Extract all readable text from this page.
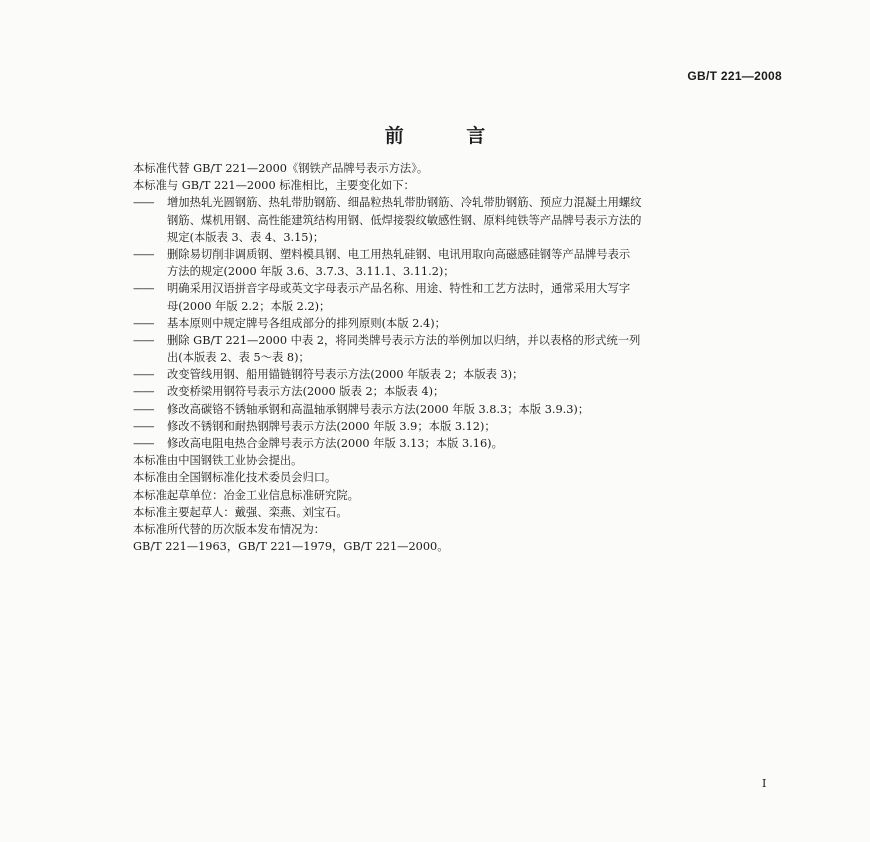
GB/T 221—2008
前 言
本标准代替 GB/T 221—2000《钢铁产品牌号表示方法》。
本标准与 GB/T 221—2000 标准相比，主要变化如下：
—— 增加热轧光圆钢筋、热轧带肋钢筋、细晶粒热轧带肋钢筋、冷轧带肋钢筋、预应力混凝土用螺纹
钢筋、煤机用钢、高性能建筑结构用钢、低焊接裂纹敏感性钢、原料纯铁等产品牌号表示方法的
规定(本版表 3、表 4、3.15)；
—— 删除易切削非调质钢、塑料模具钢、电工用热轧硅钢、电讯用取向高磁感硅钢等产品牌号表示
方法的规定(2000 年版 3.6、3.7.3、3.11.1、3.11.2)；
—— 明确采用汉语拼音字母或英文字母表示产品名称、用途、特性和工艺方法时，通常采用大写字
母(2000 年版 2.2；本版 2.2)；
—— 基本原则中规定牌号各组成部分的排列原则(本版 2.4)；
—— 删除 GB/T 221—2000 中表 2，将同类牌号表示方法的举例加以归纳，并以表格的形式统一列
出(本版表 2、表 5～表 8)；
—— 改变管线用钢、船用锚链钢符号表示方法(2000 年版表 2；本版表 3)；
—— 改变桥梁用钢符号表示方法(2000 版表 2；本版表 4)；
—— 修改高碳铬不锈轴承钢和高温轴承钢牌号表示方法(2000 年版 3.8.3；本版 3.9.3)；
—— 修改不锈钢和耐热钢牌号表示方法(2000 年版 3.9；本版 3.12)；
—— 修改高电阻电热合金牌号表示方法(2000 年版 3.13；本版 3.16)。
本标准由中国钢铁工业协会提出。
本标准由全国钢标准化技术委员会归口。
本标准起草单位：冶金工业信息标准研究院。
本标准主要起草人：戴强、栾燕、刘宝石。
本标准所代替的历次版本发布情况为：
GB/T 221—1963，GB/T 221—1979，GB/T 221—2000。
I
